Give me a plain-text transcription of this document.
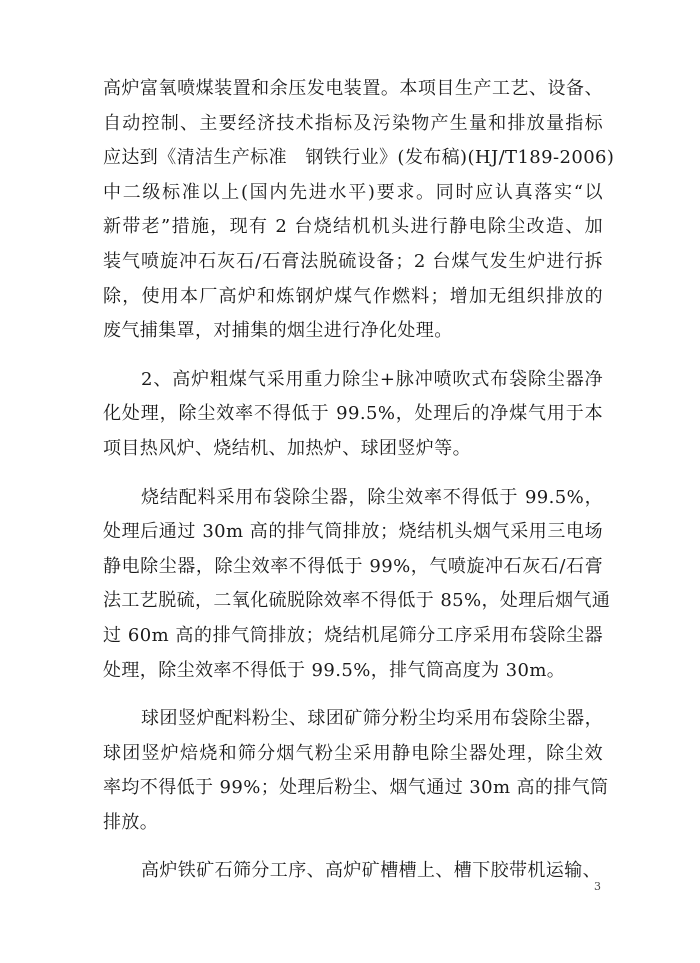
高炉富氧喷煤装置和余压发电装置。本项目生产工艺、设备、
自动控制、主要经济技术指标及污染物产生量和排放量指标
应达到《清洁生产标准　钢铁行业》(发布稿)(HJ/T189-2006)
中二级标准以上(国内先进水平)要求。同时应认真落实“以
新带老”措施，现有 2 台烧结机机头进行静电除尘改造、加
装气喷旋冲石灰石/石膏法脱硫设备；2 台煤气发生炉进行拆
除，使用本厂高炉和炼钢炉煤气作燃料；增加无组织排放的
废气捕集罩，对捕集的烟尘进行净化处理。
2、高炉粗煤气采用重力除尘+脉冲喷吹式布袋除尘器净
化处理，除尘效率不得低于 99.5%，处理后的净煤气用于本
项目热风炉、烧结机、加热炉、球团竖炉等。
烧结配料采用布袋除尘器，除尘效率不得低于 99.5%，
处理后通过 30m 高的排气筒排放；烧结机头烟气采用三电场
静电除尘器，除尘效率不得低于 99%，气喷旋冲石灰石/石膏
法工艺脱硫，二氧化硫脱除效率不得低于 85%，处理后烟气通
过 60m 高的排气筒排放；烧结机尾筛分工序采用布袋除尘器
处理，除尘效率不得低于 99.5%，排气筒高度为 30m。
球团竖炉配料粉尘、球团矿筛分粉尘均采用布袋除尘器，
球团竖炉焙烧和筛分烟气粉尘采用静电除尘器处理，除尘效
率均不得低于 99%；处理后粉尘、烟气通过 30m 高的排气筒
排放。
高炉铁矿石筛分工序、高炉矿槽槽上、槽下胶带机运输、
3
